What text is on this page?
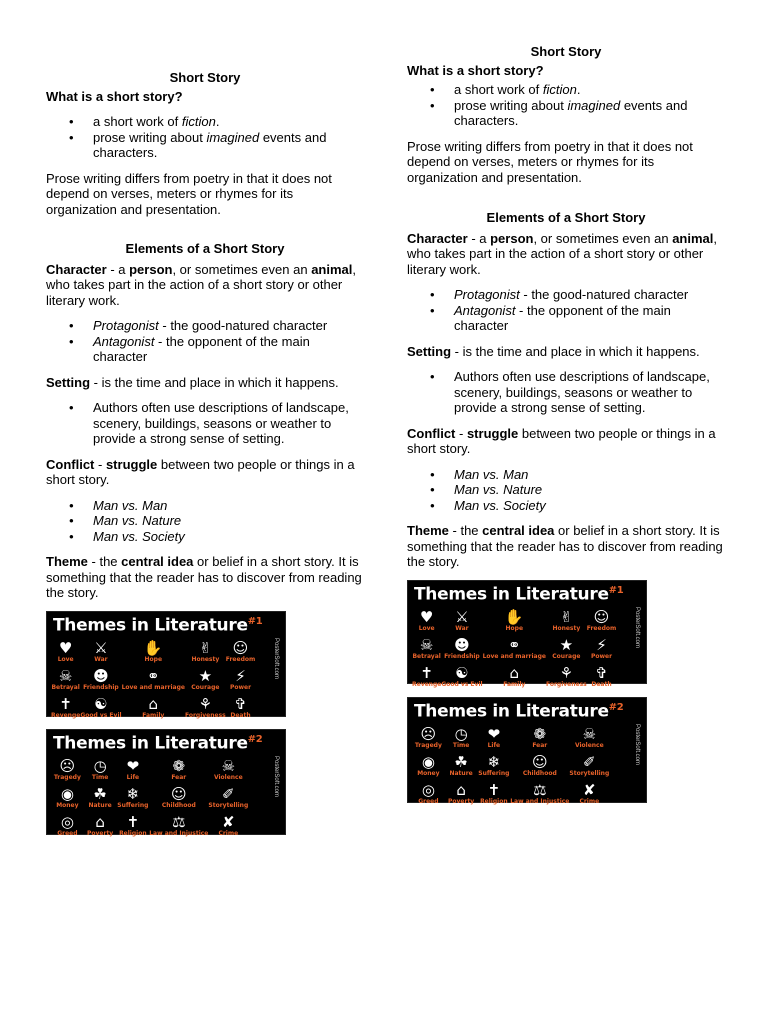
Short Story
What is a short story?
• a short work of fiction.
• prose writing about imagined events and characters.

Prose writing differs from poetry in that it does not depend on verses, meters or rhymes for its organization and presentation.

Elements of a Short Story

Character - a person, or sometimes even an animal, who takes part in the action of a short story or other literary work.

• Protagonist - the good-natured character
• Antagonist - the opponent of the main character

Setting - is the time and place in which it happens.

• Authors often use descriptions of landscape, scenery, buildings, seasons or weather to provide a strong sense of setting.

Conflict - struggle between two people or things in a short story.

• Man vs. Man
• Man vs. Nature
• Man vs. Society

Theme - the central idea or belief in a short story. It is something that the reader has to discover from reading the story.

Themes in Literature$^{\#1}$
♥
Love
⚔
War
✋
Hope
✌
Honesty
☺
Freedom
☠
Betrayal
☻
Friendship
⚭
Love and marriage
★
Courage
⚡
Power
✝
Revenge
☯
Good vs Evil
⌂
Family
⚘
Forgiveness
✞
Death
PosterSoft.com
Themes in Literature$^{\#2}$
☹
Tragedy
◷
Time
❤
Life
❁
Fear
☠
Violence
◉
Money
☘
Nature
❄
Suffering
☺
Childhood
✐
Storytelling
◎
Greed
⌂
Poverty
✝
Religion
⚖
Law and Injustice
✘
Crime
PosterSoft.com
Short Story
What is a short story?
• a short work of fiction.
• prose writing about imagined events and characters.

Prose writing differs from poetry in that it does not depend on verses, meters or rhymes for its organization and presentation.

Elements of a Short Story

Character - a person, or sometimes even an animal, who takes part in the action of a short story or other literary work.

• Protagonist - the good-natured character
• Antagonist - the opponent of the main character

Setting - is the time and place in which it happens.

• Authors often use descriptions of landscape, scenery, buildings, seasons or weather to provide a strong sense of setting.

Conflict - struggle between two people or things in a short story.

• Man vs. Man
• Man vs. Nature
• Man vs. Society

Theme - the central idea or belief in a short story. It is something that the reader has to discover from reading the story.

Themes in Literature$^{\#1}$
♥
Love
⚔
War
✋
Hope
✌
Honesty
☺
Freedom
☠
Betrayal
☻
Friendship
⚭
Love and marriage
★
Courage
⚡
Power
✝
Revenge
☯
Good vs Evil
⌂
Family
⚘
Forgiveness
✞
Death
PosterSoft.com
Themes in Literature$^{\#2}$
☹
Tragedy
◷
Time
❤
Life
❁
Fear
☠
Violence
◉
Money
☘
Nature
❄
Suffering
☺
Childhood
✐
Storytelling
◎
Greed
⌂
Poverty
✝
Religion
⚖
Law and Injustice
✘
Crime
PosterSoft.com
